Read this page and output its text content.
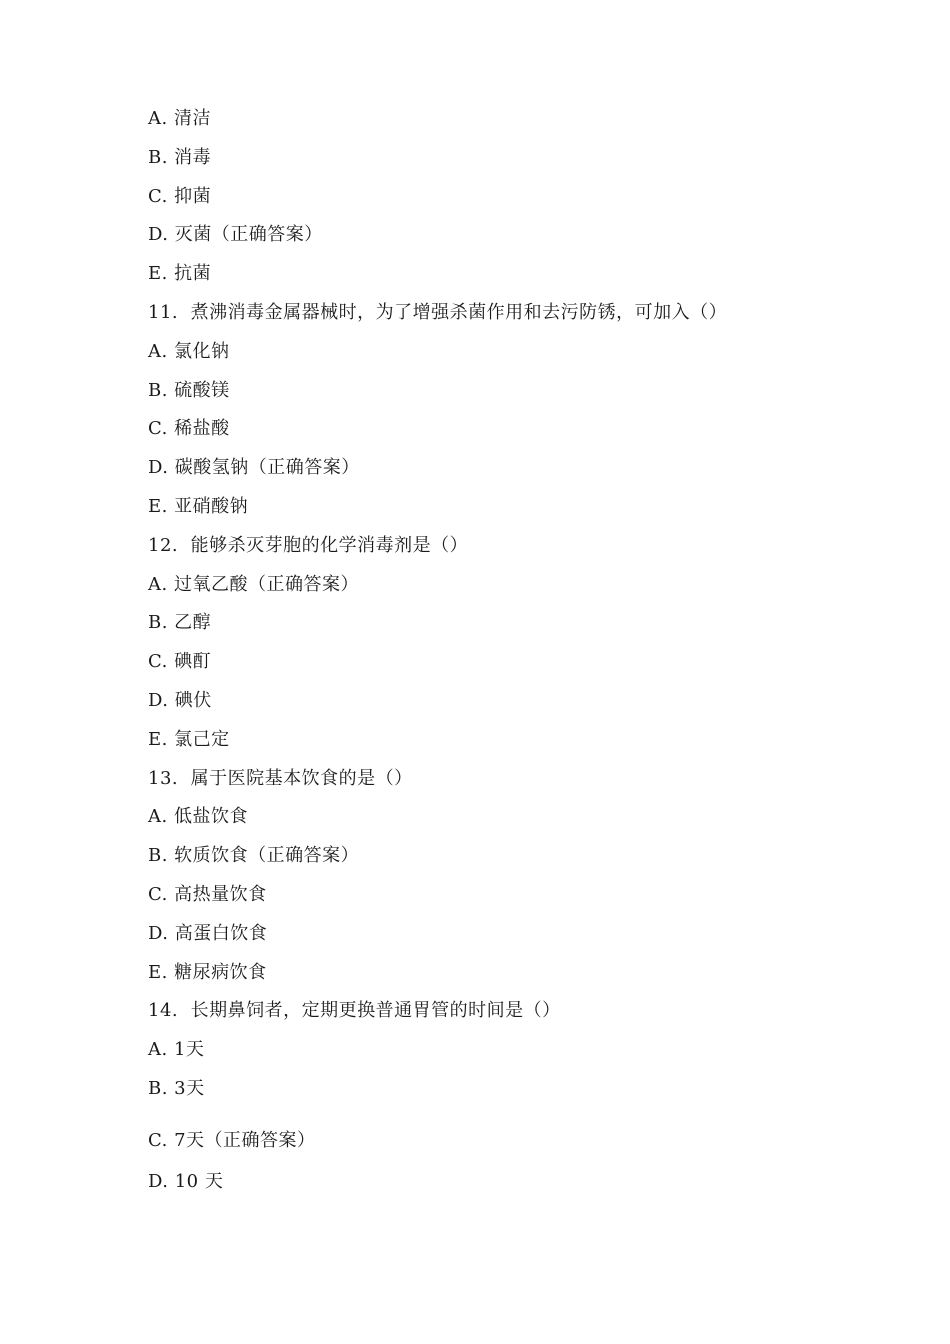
A. 清洁
B. 消毒
C. 抑菌
D. 灭菌（正确答案）
E. 抗菌
11.  煮沸消毒金属器械时，为了增强杀菌作用和去污防锈，可加入（）
A. 氯化钠
B. 硫酸镁
C. 稀盐酸
D. 碳酸氢钠（正确答案）
E. 亚硝酸钠
12.  能够杀灭芽胞的化学消毒剂是（）
A. 过氧乙酸（正确答案）
B. 乙醇
C. 碘酊
D. 碘伏
E. 氯己定
13.  属于医院基本饮食的是（）
A. 低盐饮食
B. 软质饮食（正确答案）
C. 高热量饮食
D. 高蛋白饮食
E. 糖尿病饮食
14.  长期鼻饲者，定期更换普通胃管的时间是（）
A. 1天
B. 3天
C. 7天（正确答案）
D. 10 天
